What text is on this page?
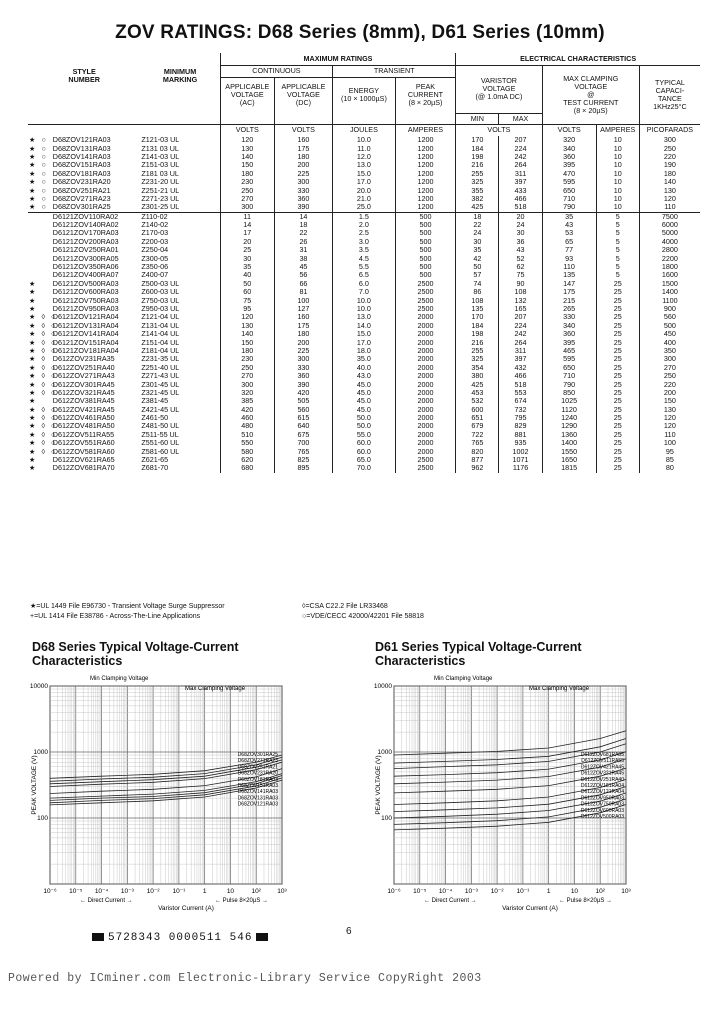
ZOV RATINGS: D68 Series (8mm), D61 Series (10mm)
			MAXIMUM RATINGS				ELECTRICAL CHARACTERISTICS				
STYLE
NUMBER		MINIMUM
MARKING	CONTINUOUS		TRANSIENT		VARISTOR
VOLTAGE
(@ 1.0mA DC)		MAX CLAMPING
VOLTAGE
@
TEST CURRENT
(8 × 20µS)		TYPICAL
CAPACI-
TANCE
1KHz25°C
			APPLICABLE
VOLTAGE
(AC)	APPLICABLE
VOLTAGE
(DC)	ENERGY
(10 × 1000µS)	PEAK
CURRENT
(8 × 20µS)					
							MIN	MAX			
			VOLTS	VOLTS	JOULES	AMPERES	VOLTS		VOLTS	AMPERES	PICOFARADS
★ ○	D68ZOV121RA03	Z121-03 UL	120	160	10.0	1200	170	207	320	10	300
★ ○	D68ZOV131RA03	Z131 03 UL	130	175	11.0	1200	184	224	340	10	250
★ ○	D68ZOV141RA03	Z141-03 UL	140	180	12.0	1200	198	242	360	10	220
★ ○	D68ZOV151RA03	Z151-03 UL	150	200	13.0	1200	216	264	395	10	190
★ ○	D68ZOV181RA03	Z181 03 UL	180	225	15.0	1200	255	311	470	10	180
★ ○	D68ZOV231RA20	Z231-20 UL	230	300	17.0	1200	325	397	595	10	140
★ ○	D68ZOV251RA21	Z251-21 UL	250	330	20.0	1200	355	433	650	10	130
★ ○	D68ZOV271RA23	Z271-23 UL	270	360	21.0	1200	382	466	710	10	120
★ ○	D68ZOV301RA25	Z301-25 UL	300	390	25.0	1200	425	518	790	10	110
	D6121ZOV110RA02	Z110-02	11	14	1.5	500	18	20	35	5	7500
	D6121ZOV140RA02	Z140-02	14	18	2.0	500	22	24	43	5	6000
	D6121ZOV170RA03	Z170-03	17	22	2.5	500	24	30	53	5	5000
	D6121ZOV200RA03	Z200-03	20	26	3.0	500	30	36	65	5	4000
	D6121ZOV250RA01	Z250-04	25	31	3.5	500	35	43	77	5	2800
	D6121ZOV300RA05	Z300-05	30	38	4.5	500	42	52	93	5	2200
	D6121ZOV350RA06	Z350-06	35	45	5.5	500	50	62	110	5	1800
	D6121ZOV400RA07	Z400-07	40	56	6.5	500	57	75	135	5	1600
★	D6121ZOV500RA03	Z500-03 UL	50	66	6.0	2500	74	90	147	25	1500
★	D6121ZOV600RA03	Z600-03 UL	60	81	7.0	2500	86	108	175	25	1400
★	D6121ZOV750RA03	Z750-03 UL	75	100	10.0	2500	108	132	215	25	1100
★	D6121ZOV950RA03	Z950-03 UL	95	127	10.0	2500	135	165	265	25	900
★ ◊ ○	D6121ZOV121RA04	Z121-04 UL	120	160	13.0	2000	170	207	330	25	560
★ ◊ ○	D6121ZOV131RA04	Z131-04 UL	130	175	14.0	2000	184	224	340	25	500
★ ◊ ○	D6121ZOV141RA04	Z141-04 UL	140	180	15.0	2000	198	242	360	25	450
★ ◊ ○	D6121ZOV151RA04	Z151-04 UL	150	200	17.0	2000	216	264	395	25	400
★ ◊ ○	D6121ZOV181RA04	Z181-04 UL	180	225	18.0	2000	255	311	465	25	350
★ ◊	D612ZOV231RA35	Z231-35 UL	230	300	35.0	2000	325	397	595	25	300
★ ◊ ○	D612ZOV251RA40	Z251-40 UL	250	330	40.0	2000	354	432	650	25	270
★ ◊ ○	D612ZOV271RA43	Z271-43 UL	270	360	43.0	2000	380	466	710	25	250
★ ◊ ○	D612ZOV301RA45	Z301-45 UL	300	390	45.0	2000	425	518	790	25	220
★ ◊ ○	D612ZOV321RA45	Z321-45 UL	320	420	45.0	2000	453	553	850	25	200
★	D612ZOV381RA45	Z381-45	385	505	45.0	2000	532	674	1025	25	150
★ ◊ ○	D612ZOV421RA45	Z421-45 UL	420	560	45.0	2000	600	732	1120	25	130
★ ◊ ○	D612ZOV461RA50	Z461-50	460	615	50.0	2000	651	795	1240	25	120
★ ◊ ○	D612ZOV481RA50	Z481-50 UL	480	640	50.0	2000	679	829	1290	25	120
★ ◊ ○	D612ZOV511RA55	Z511-55 UL	510	675	55.0	2000	722	881	1360	25	110
★ ◊ ○	D612ZOV551RA60	Z551-60 UL	550	700	60.0	2000	765	935	1400	25	100
★ ◊ ○	D612ZOV581RA60	Z581-60 UL	580	765	60.0	2000	820	1002	1550	25	95
★	D612ZOV621RA65	Z621-65	620	825	65.0	2500	877	1071	1650	25	85
★	D612ZOV681RA70	Z681-70	680	895	70.0	2500	962	1176	1815	25	80
★=UL 1449 File E96730 - Transient Voltage Surge Suppressor
+=UL 1414 File E38786 - Across-The-Line Applications
◊=CSA C22.2 File LR33468
○=VDE/CECC 42000/42201 File 58818
D68 Series Typical Voltage-Current Characteristics
D61 Series Typical Voltage-Current Characteristics
10⁻⁶ 10⁻⁵ 10⁻⁴ 10⁻³ 10⁻² 10⁻¹	1	10	10²	10³
10000
1000
100
PEAK VOLTAGE (V)
Varistor Current (A)
Min Clamping Voltage
Max Clamping Voltage
← Direct Current →	← Pulse 8×20µS →
D68ZOV301RA25
D68ZOV271RA23
D68ZOV251RA21
D68ZOV231RA20
D68ZOV181RA03
D68ZOV151RA03
D68ZOV141RA03
D68ZOV131RA03
D68ZOV121RA03
10⁻⁶ 10⁻⁵ 10⁻⁴ 10⁻³ 10⁻² 10⁻¹	1	10	10²	10³
10000
1000
100
PEAK VOLTAGE (V)
Varistor Current (A)
Min Clamping Voltage
Max Clamping Voltage
← Direct Current →	← Pulse 8×20µS →
D612ZOV681RA65
D612ZOV511RA55
D612ZOV421RA45
D612ZOV321RA45
D612ZOV251RA40
D612ZOV181RA04
D612ZOV121RA04
D612ZOV950RA03
D612ZOV750RA03
D612ZOV600RA03
D612ZOV500RA03
6
5728343 0000511 546
Powered by ICminer.com Electronic-Library Service CopyRight 2003
